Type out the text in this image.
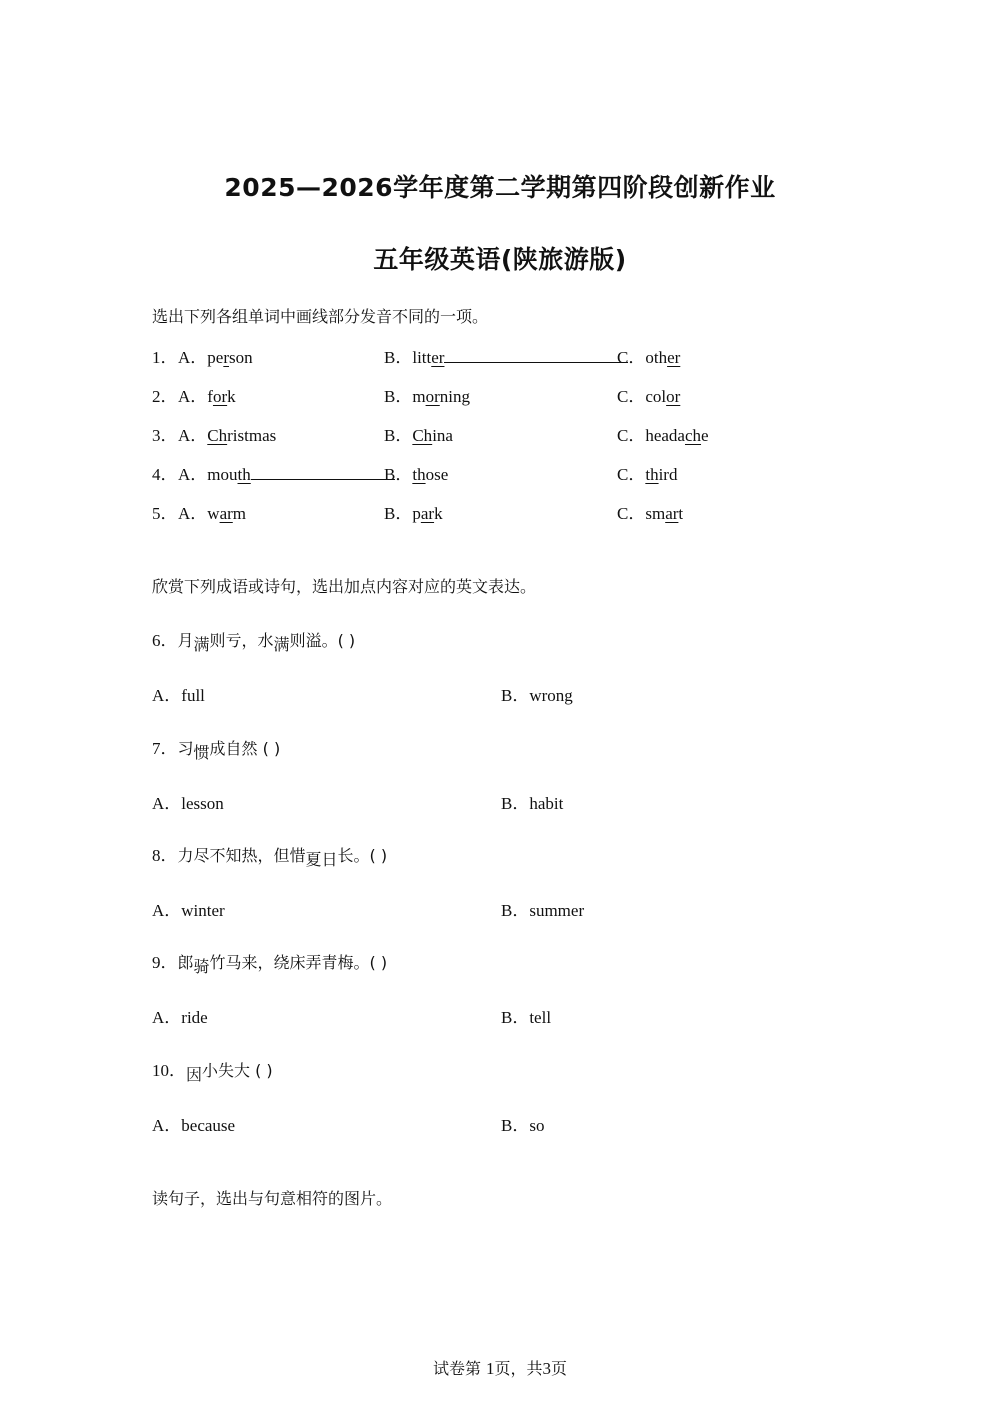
2025—2026学年度第二学期第四阶段创新作业
五年级英语(陕旅游版)
选出下列各组单词中画线部分发音不同的一项。
1． A．person	B．litter	C．other
2． A．fork	B．morning	C．color
3． A．Christmas	B．China	C．headache
4． A．mouth	B．those	C．third
5． A．warm	B．park	C．smart
欣赏下列成语或诗句，选出加点内容对应的英文表达。
6．月满则亏，水满则溢。( )
A．full	B．wrong
7．习惯成自然 ( )
A．lesson	B．habit
8．力尽不知热，但惜夏日长。( )
A．winter	B．summer
9．郎骑竹马来，绕床弄青梅。( )
A．ride	B．tell
10．因小失大 ( )
A．because	B．so
读句子，选出与句意相符的图片。
试卷第 1页，共3页
